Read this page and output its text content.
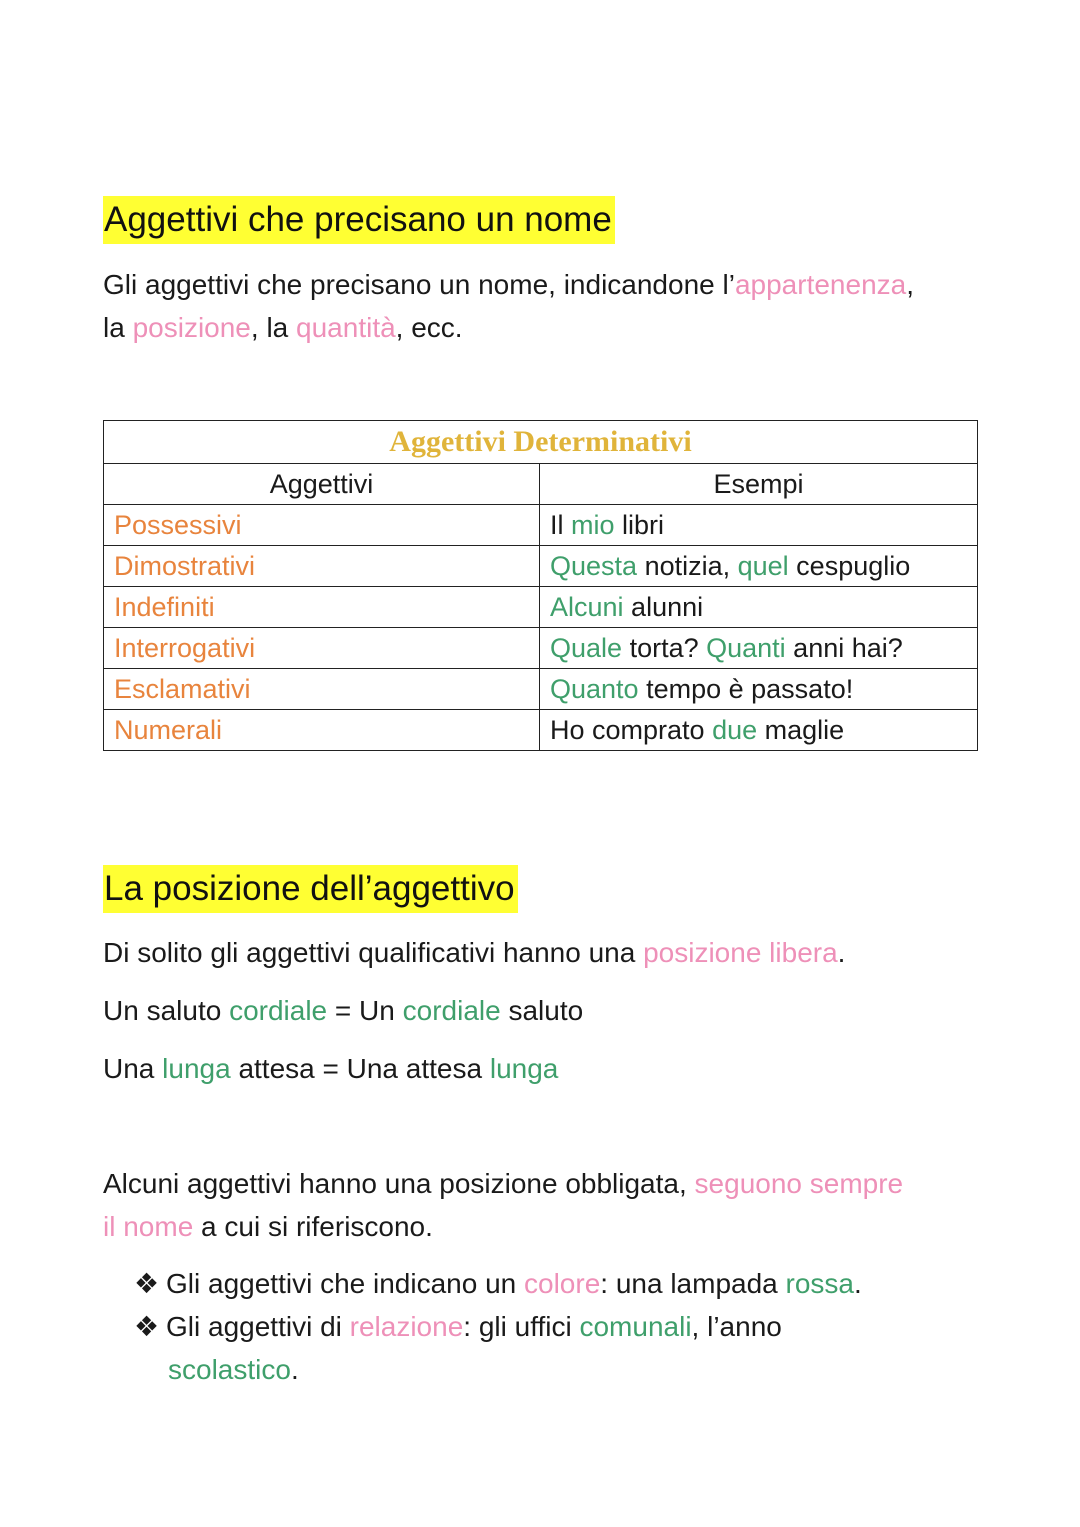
Aggettivi che precisano un nome
Gli aggettivi che precisano un nome, indicandone l’appartenenza,
la posizione, la quantità, ecc.
Aggettivi Determinativi	
Aggettivi	Esempi
Possessivi	Il mio libri
Dimostrativi	Questa notizia, quel cespuglio
Indefiniti	Alcuni alunni
Interrogativi	Quale torta? Quanti anni hai?
Esclamativi	Quanto tempo è passato!
Numerali	Ho comprato due maglie
La posizione dell’aggettivo
Di solito gli aggettivi qualificativi hanno una posizione libera.
Un saluto cordiale = Un cordiale saluto
Una lunga attesa = Una attesa lunga
Alcuni aggettivi hanno una posizione obbligata, seguono sempre
il nome a cui si riferiscono.
❖ Gli aggettivi che indicano un colore: una lampada rossa.
❖ Gli aggettivi di relazione: gli uffici comunali, l’anno
scolastico.
